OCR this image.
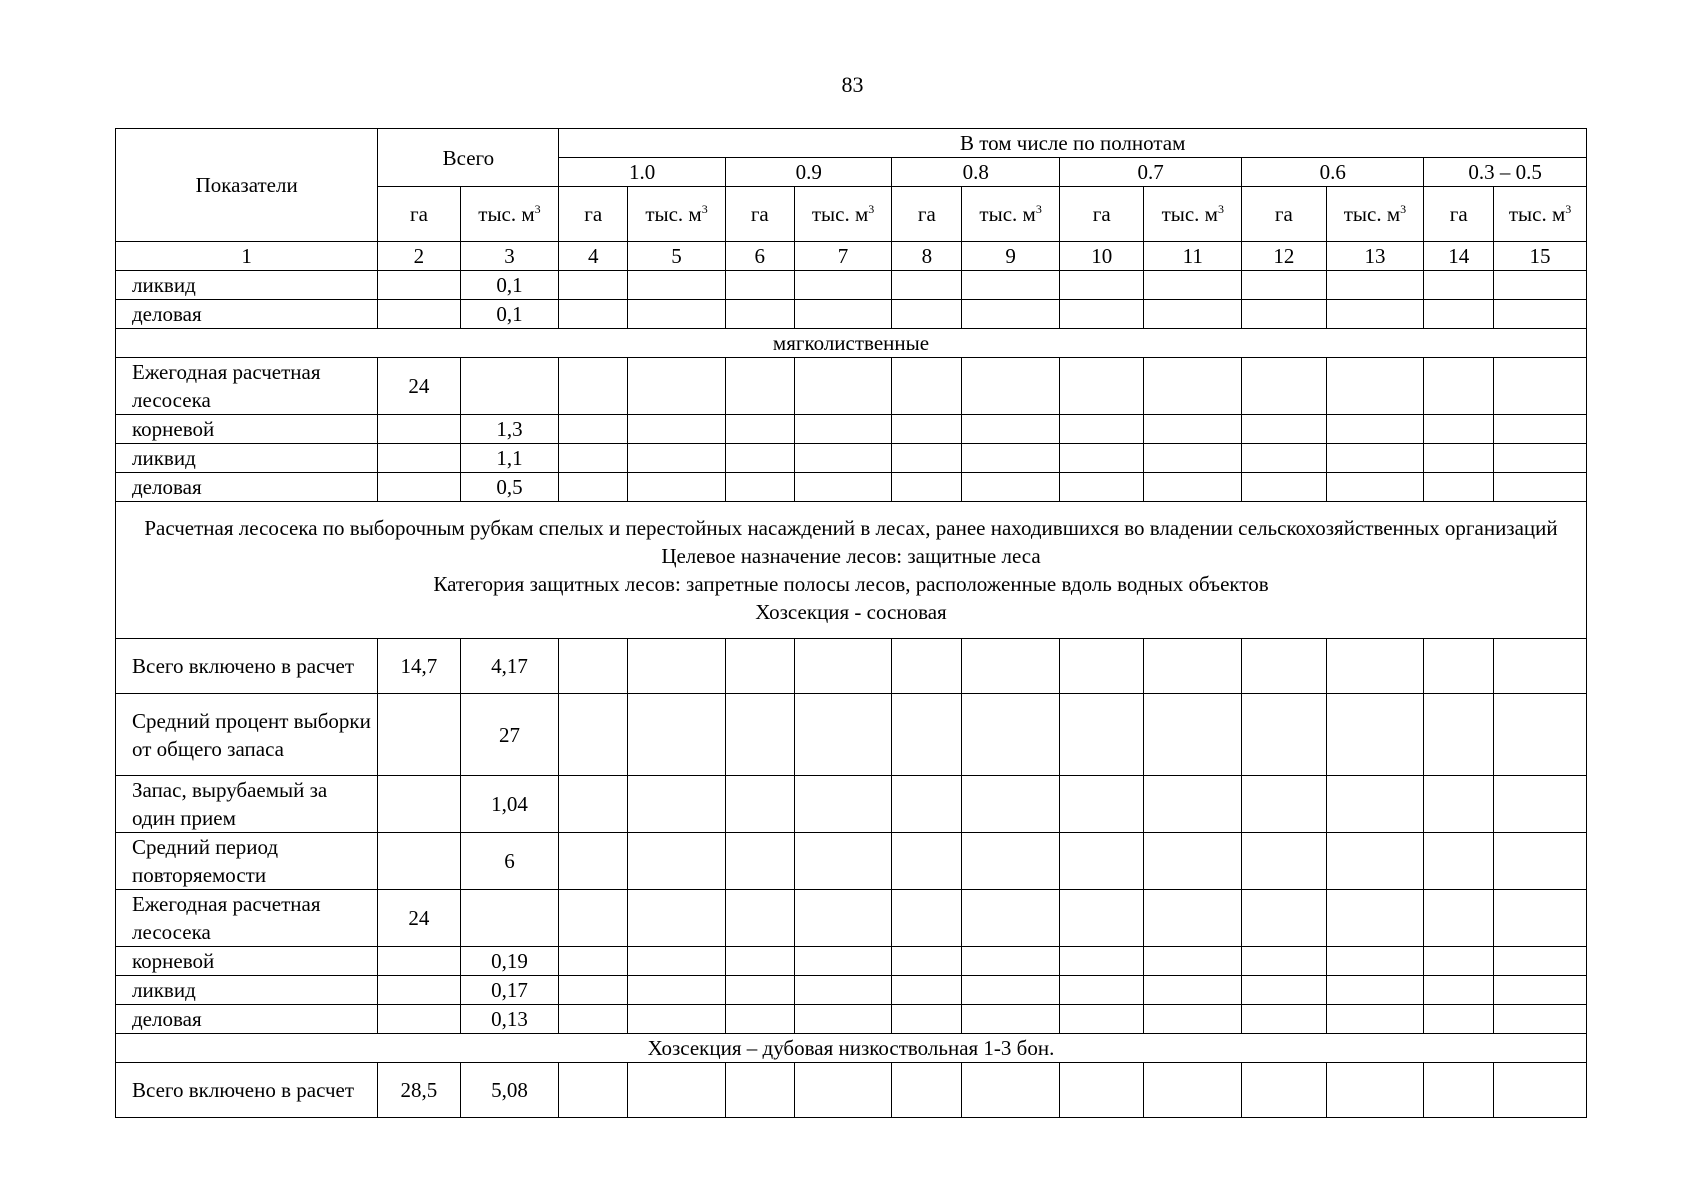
83
Показатели	Всего		В том числе по полнотам											
			1.0		0.9		0.8		0.7		0.6		0.3 – 0.5	
	га	тыс. $м^3$	га	тыс. $м^3$	га	тыс. $м^3$	га	тыс. $м^3$	га	тыс. $м^3$	га	тыс. $м^3$	га	тыс. $м^3$
1	2	3	4	5	6	7	8	9	10	11	12	13	14	15
ликвид		0,1												
деловая		0,1												

мягколиственные														

Ежегодная расчетная лесосека	24													
корневой		1,3												
ликвид		1,1												
деловая		0,5												

Расчетная лесосека по выборочным рубкам спелых и перестойных насаждений в лесах, ранее находившихся во владении сельскохозяйственных организаций
Целевое назначение лесов: защитные леса
Категория защитных лесов: запретные полосы лесов, расположенные вдоль водных объектов
Хозсекция - сосновая														

Всего включено в расчет	14,7	4,17												
Средний процент выборки от общего запаса		27												
Запас, вырубаемый за один прием		1,04												
Средний период повторяемости		6												
Ежегодная расчетная лесосека	24													
корневой		0,19												
ликвид		0,17												
деловая		0,13												

Хозсекция – дубовая низкоствольная 1-3 бон.														

Всего включено в расчет	28,5	5,08												
